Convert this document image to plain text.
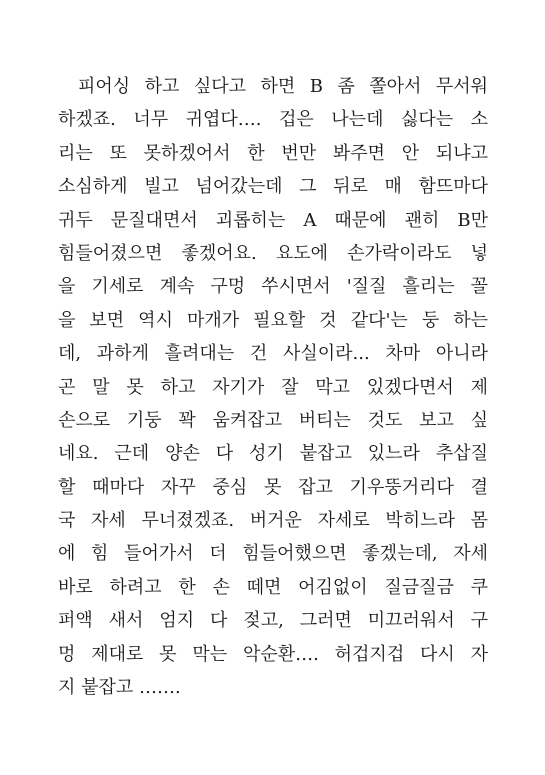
피어싱 하고 싶다고 하면 B 좀 쫄아서 무서워
하겠죠. 너무 귀엽다…. 겁은 나는데 싫다는 소
리는 또 못하겠어서 한 번만 봐주면 안 되냐고
소심하게 빌고 넘어갔는데 그 뒤로 매 함뜨마다
귀두 문질대면서 괴롭히는 A 때문에 괜히 B만
힘들어졌으면 좋겠어요. 요도에 손가락이라도 넣
을 기세로 계속 구멍 쑤시면서 '질질 흘리는 꼴
을 보면 역시 마개가 필요할 것 같다'는 둥 하는
데, 과하게 흘려대는 건 사실이라... 차마 아니라
곤 말 못 하고 자기가 잘 막고 있겠다면서 제
손으로 기둥 꽉 움켜잡고 버티는 것도 보고 싶
네요. 근데 양손 다 성기 붙잡고 있느라 추삽질
할 때마다 자꾸 중심 못 잡고 기우뚱거리다 결
국 자세 무너졌겠죠. 버거운 자세로 박히느라 몸
에 힘 들어가서 더 힘들어했으면 좋겠는데, 자세
바로 하려고 한 손 떼면 어김없이 질금질금 쿠
퍼액 새서 엄지 다 젖고, 그러면 미끄러워서 구
멍 제대로 못 막는 악순환…. 허겁지겁 다시 자
지 붙잡고 …….
